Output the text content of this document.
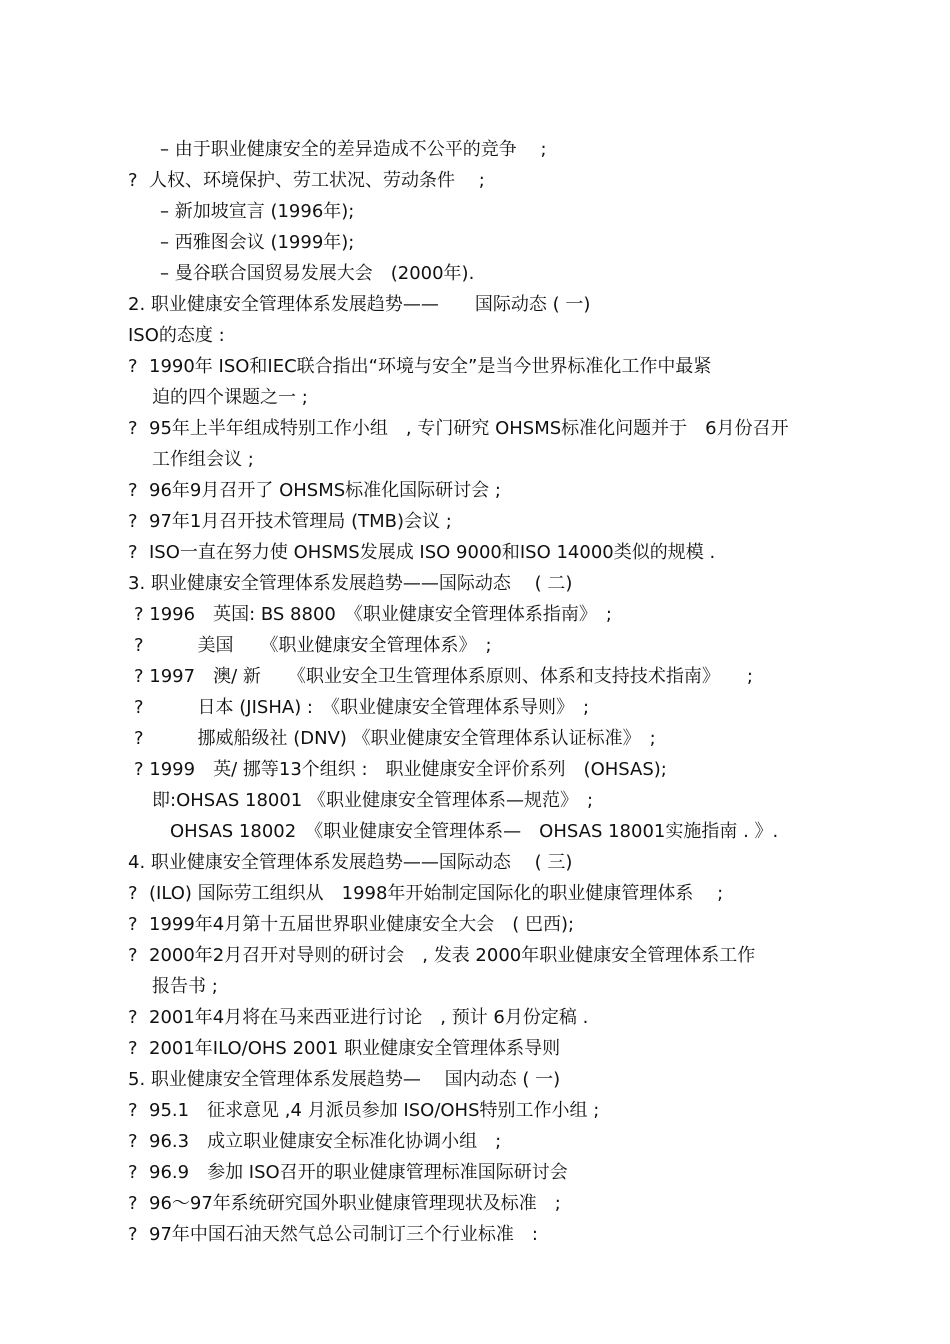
– 由于职业健康安全的差异造成不公平的竞争　 ;
?  人权、环境保护、劳工状况、劳动条件　 ;
– 新加坡宣言 (1996年);
– 西雅图会议 (1999年);
– 曼谷联合国贸易发展大会　(2000年).
2. 职业健康安全管理体系发展趋势——　　国际动态 ( 一)
ISO的态度 :
?  1990年 ISO和IEC联合指出“环境与安全”是当今世界标准化工作中最紧
迫的四个课题之一 ;
?  95年上半年组成特别工作小组　, 专门研究 OHSMS标准化问题并于　6月份召开
工作组会议 ;
?  96年9月召开了 OHSMS标准化国际研讨会 ;
?  97年1月召开技术管理局 (TMB)会议 ;
?  ISO一直在努力使 OHSMS发展成 ISO 9000和ISO 14000类似的规模 .
3. 职业健康安全管理体系发展趋势——国际动态　 ( 二)
? 1996　英国: BS 8800　《职业健康安全管理体系指南》　;
?　　　美国　　《职业健康安全管理体系》　;
? 1997　澳/ 新　　《职业安全卫生管理体系原则、体系和支持技术指南》　　;
?　　　日本 (JISHA) :　《职业健康安全管理体系导则》　;
?　　　挪威船级社 (DNV) 《职业健康安全管理体系认证标准》　;
? 1999　英/ 挪等13个组织 :　职业健康安全评价系列　(OHSAS);
即:OHSAS 18001 《职业健康安全管理体系—规范》　;
OHSAS 18002　《职业健康安全管理体系—　OHSAS 18001实施指南 . 》.
4. 职业健康安全管理体系发展趋势——国际动态　 ( 三)
?  (ILO) 国际劳工组织从　1998年开始制定国际化的职业健康管理体系　 ;
?  1999年4月第十五届世界职业健康安全大会　( 巴西);
?  2000年2月召开对导则的研讨会　, 发表 2000年职业健康安全管理体系工作
报告书 ;
?  2001年4月将在马来西亚进行讨论　, 预计 6月份定稿 .
?  2001年ILO/OHS 2001 职业健康安全管理体系导则
5. 职业健康安全管理体系发展趋势—　 国内动态 ( 一)
?  95.1　征求意见 ,4 月派员参加 ISO/OHS特别工作小组 ;
?  96.3　成立职业健康安全标准化协调小组　;
?  96.9　参加 ISO召开的职业健康管理标准国际研讨会
?  96～97年系统研究国外职业健康管理现状及标准　;
?  97年中国石油天然气总公司制订三个行业标准　:
